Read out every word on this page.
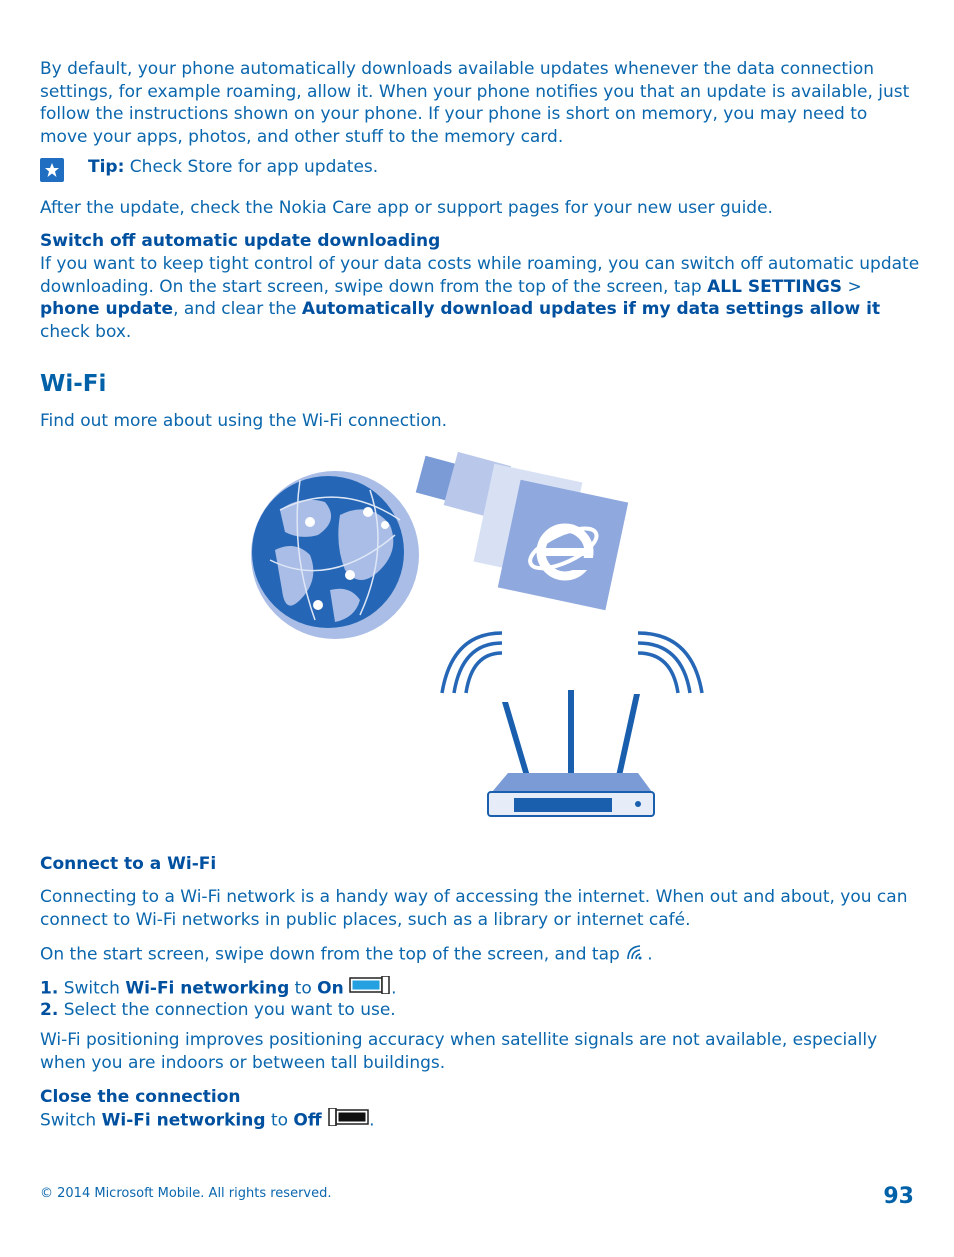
By default, your phone automatically downloads available updates whenever the data connection settings, for example roaming, allow it. When your phone notifies you that an update is available, just follow the instructions shown on your phone. If your phone is short on memory, you may need to move your apps, photos, and other stuff to the memory card.

Tip: Check Store for app updates.

After the update, check the Nokia Care app or support pages for your new user guide.

Switch off automatic update downloading

If you want to keep tight control of your data costs while roaming, you can switch off automatic update downloading. On the start screen, swipe down from the top of the screen, tap ALL SETTINGS > phone update, and clear the Automatically download updates if my data settings allow it check box.

Wi-Fi

Find out more about using the Wi-Fi connection.

Connect to a Wi-Fi

Connecting to a Wi-Fi network is a handy way of accessing the internet. When out and about, you can connect to Wi-Fi networks in public places, such as a library or internet café.

On the start screen, swipe down from the top of the screen, and tap .

1. Switch Wi-Fi networking to On	.

2. Select the connection you want to use.

Wi-Fi positioning improves positioning accuracy when satellite signals are not available, especially when you are indoors or between tall buildings.

Close the connection

Switch Wi-Fi networking to Off	.

© 2014 Microsoft Mobile. All rights reserved.	93
